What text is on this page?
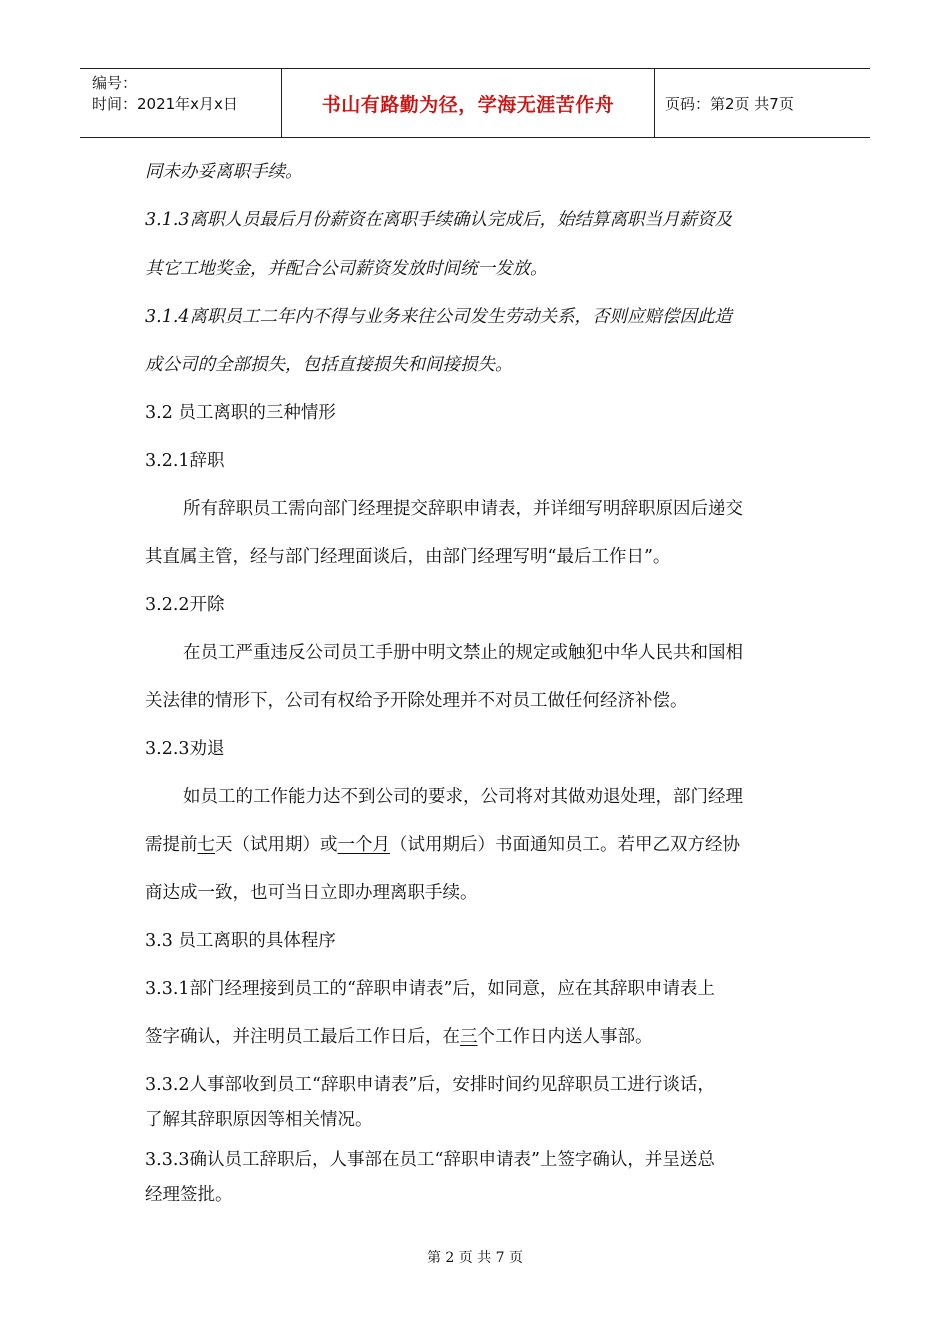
编号：
时间：2021年x月x日	书山有路勤为径，学海无涯苦作舟	页码：第2页 共7页
同未办妥离职手续。
3.1.3离职人员最后月份薪资在离职手续确认完成后，始结算离职当月薪资及
其它工地奖金，并配合公司薪资发放时间统一发放。
3.1.4离职员工二年内不得与业务来往公司发生劳动关系，否则应赔偿因此造
成公司的全部损失，包括直接损失和间接损失。
3.2 员工离职的三种情形
3.2.1辞职
所有辞职员工需向部门经理提交辞职申请表，并详细写明辞职原因后递交
其直属主管，经与部门经理面谈后，由部门经理写明“最后工作日”。
3.2.2开除
在员工严重违反公司员工手册中明文禁止的规定或触犯中华人民共和国相
关法律的情形下，公司有权给予开除处理并不对员工做任何经济补偿。
3.2.3劝退
如员工的工作能力达不到公司的要求，公司将对其做劝退处理，部门经理
需提前七天（试用期）或一个月（试用期后）书面通知员工。若甲乙双方经协
商达成一致，也可当日立即办理离职手续。
3.3 员工离职的具体程序
3.3.1部门经理接到员工的“辞职申请表”后，如同意，应在其辞职申请表上
签字确认，并注明员工最后工作日后，在三个工作日内送人事部。
3.3.2人事部收到员工“辞职申请表”后，安排时间约见辞职员工进行谈话，
了解其辞职原因等相关情况。
3.3.3确认员工辞职后，人事部在员工“辞职申请表”上签字确认，并呈送总
经理签批。
第 2 页 共 7 页
